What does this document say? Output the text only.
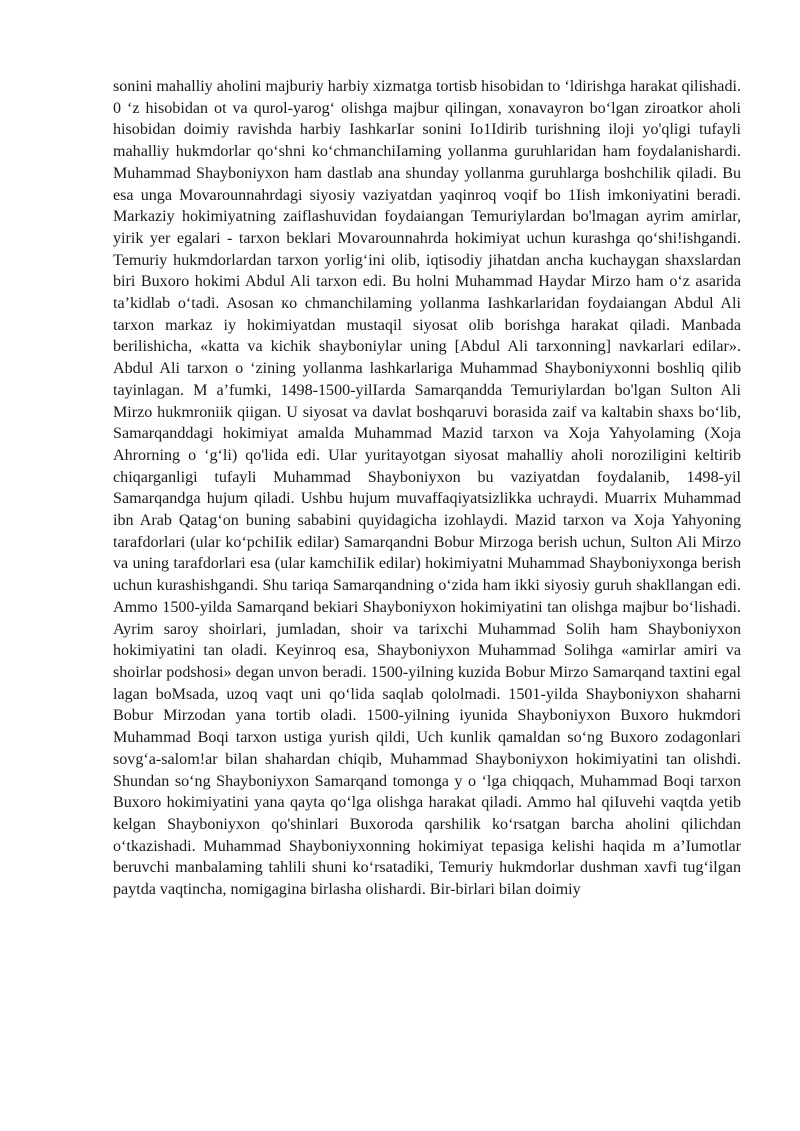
sonini mahalliy aholini majburiy harbiy xizmatga tortisb hisobidan to ‘ldirishga harakat qilishadi. 0 ‘z hisobidan ot va qurol-yarog‘ olishga majbur qilingan, xonavayron bo‘lgan ziroatkor aholi hisobidan doimiy ravishda harbiy IashkarIar sonini Io1Idirib turishning iloji yo'qligi tufayli mahalliy hukmdorlar qo‘shni ko‘chmanchiIaming yollanma guruhlaridan ham foydalanishardi. Muhammad Shayboniyxon ham dastlab ana shunday yollanma guruhlarga boshchilik qiladi. Bu esa unga Movarounnahrdagi siyosiy vaziyatdan yaqinroq voqif bo 1Iish imkoniyatini beradi. Markaziy hokimiyatning zaiflashuvidan foydaiangan Temuriylardan bo'lmagan ayrim amirlar, yirik yer egalari - tarxon beklari Movarounnahrda hokimiyat uchun kurashga qo‘shi!ishgandi. Temuriy hukmdorlardan tarxon yorlig‘ini olib, iqtisodiy jihatdan ancha kuchaygan shaxslardan biri Buxoro hokimi Abdul Ali tarxon edi. Bu holni Muhammad Haydar Mirzo ham o‘z asarida ta’kidlab o‘tadi. Asosan кo chmanchilaming yollanma Iashkarlaridan foydaiangan Abdul Ali tarxon markaz iy hokimiyatdan mustaqil siyosat olib borishga harakat qiladi. Manbada berilishicha, «katta va kichik shayboniylar uning [Abdul Ali tarxonning] navkarlari edilar». Abdul Ali tarxon o ‘zining yollanma lashkarlariga Muhammad Shayboniyxonni boshliq qilib tayinlagan. M a’fumki, 1498-1500-yilIarda Samarqandda Temuriylardan bo'lgan Sulton Ali Mirzo hukmroniik qiigan. U siyosat va davlat boshqaruvi borasida zaif va kaltabin shaxs bo‘lib, Samarqanddagi hokimiyat amalda Muhammad Mazid tarxon va Xoja Yahyolaming (Xoja Ahrorning o ‘g‘li) qo'lida edi. Ular yuritayotgan siyosat mahalliy aholi noroziligini keltirib chiqarganligi tufayli Muhammad Shayboniyxon bu vaziyatdan foydalanib, 1498-yil Samarqandga hujum qiladi. Ushbu hujum muvaffaqiyatsizlikka uchraydi. Muarrix Muhammad ibn Arab Qatag‘on buning sababini quyidagicha izohlaydi. Mazid tarxon va Xoja Yahyoning tarafdorlari (ular ko‘pchiIik edilar) Samarqandni Bobur Mirzoga berish uchun, Sulton Ali Mirzo va uning tarafdorlari esa (ular kamchiIik edilar) hokimiyatni Muhammad Shayboniyxonga berish uchun kurashishgandi. Shu tariqa Samarqandning o‘zida ham ikki siyosiy guruh shakllangan edi. Ammo 1500-yilda Samarqand bekiari Shayboniyxon hokimiyatini tan olishga majbur bo‘lishadi. Ayrim saroy shoirlari, jumladan, shoir va tarixchi Muhammad Solih ham Shayboniyxon hokimiyatini tan oladi. Keyinroq esa, Shayboniyxon Muhammad Solihga «amirlar amiri va shoirlar podshosi» degan unvon beradi. 1500-yilning kuzida Bobur Mirzo Samarqand taxtini egal lagan boMsada, uzoq vaqt uni qo‘lida saqlab qololmadi. 1501-yilda Shayboniyxon shaharni Bobur Mirzodan yana tortib oladi. 1500-yilning iyunida Shayboniyxon Buxoro hukmdori Muhammad Boqi tarxon ustiga yurish qildi, Uch kunlik qamaldan so‘ng Buxoro zodagonlari sovg‘a-salom!ar bilan shahardan chiqib, Muhammad Shayboniyxon hokimiyatini tan olishdi. Shundan so‘ng Shayboniyxon Samarqand tomonga y o ‘lga chiqqach, Muhammad Boqi tarxon Buxoro hokimiyatini yana qayta qo‘lga olishga harakat qiladi. Ammo hal qiIuvehi vaqtda yetib kelgan Shayboniyxon qo'shinlari Buxoroda qarshilik ko‘rsatgan barcha aholini qilichdan o‘tkazishadi. Muhammad Shayboniyxonning hokimiyat tepasiga kelishi haqida m a’Iumotlar beruvchi manbalaming tahlili shuni ko‘rsatadiki, Temuriy hukmdorlar dushman xavfi tug‘ilgan paytda vaqtincha, nomigagina birlasha olishardi. Bir-birlari bilan doimiy
